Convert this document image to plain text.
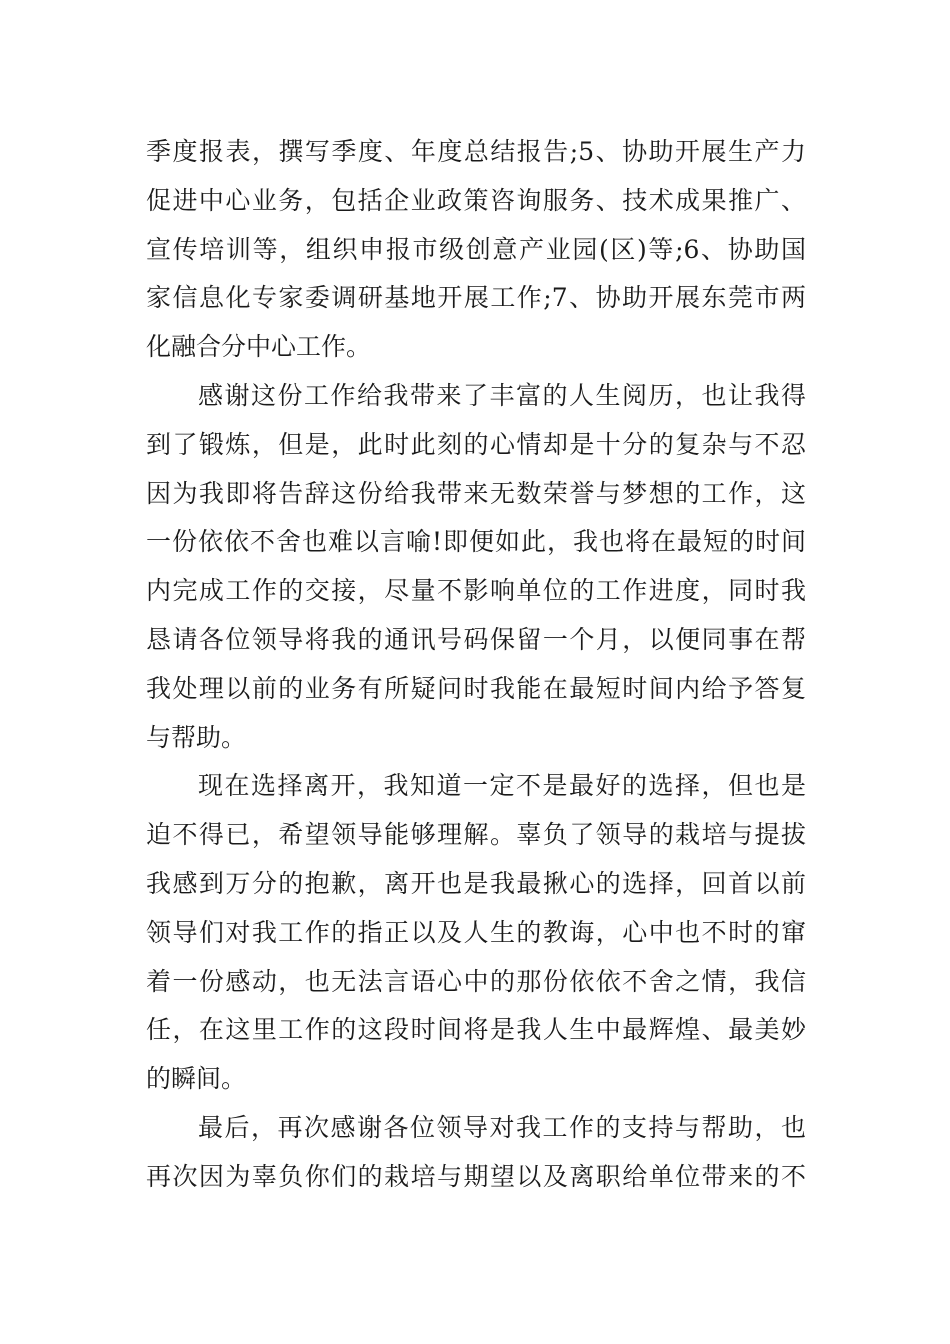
季度报表，撰写季度、年度总结报告;5、协助开展生产力
促进中心业务，包括企业政策咨询服务、技术成果推广、
宣传培训等，组织申报市级创意产业园(区)等;6、协助国
家信息化专家委调研基地开展工作;7、协助开展东莞市两
化融合分中心工作。
感谢这份工作给我带来了丰富的人生阅历，也让我得
到了锻炼，但是，此时此刻的心情却是十分的复杂与不忍
因为我即将告辞这份给我带来无数荣誉与梦想的工作，这
一份依依不舍也难以言喻!即便如此，我也将在最短的时间
内完成工作的交接，尽量不影响单位的工作进度，同时我
恳请各位领导将我的通讯号码保留一个月，以便同事在帮
我处理以前的业务有所疑问时我能在最短时间内给予答复
与帮助。
现在选择离开，我知道一定不是最好的选择，但也是
迫不得已，希望领导能够理解。辜负了领导的栽培与提拔
我感到万分的抱歉，离开也是我最揪心的选择，回首以前
领导们对我工作的指正以及人生的教诲，心中也不时的窜
着一份感动，也无法言语心中的那份依依不舍之情，我信
任，在这里工作的这段时间将是我人生中最辉煌、最美妙
的瞬间。
最后，再次感谢各位领导对我工作的支持与帮助，也
再次因为辜负你们的栽培与期望以及离职给单位带来的不
